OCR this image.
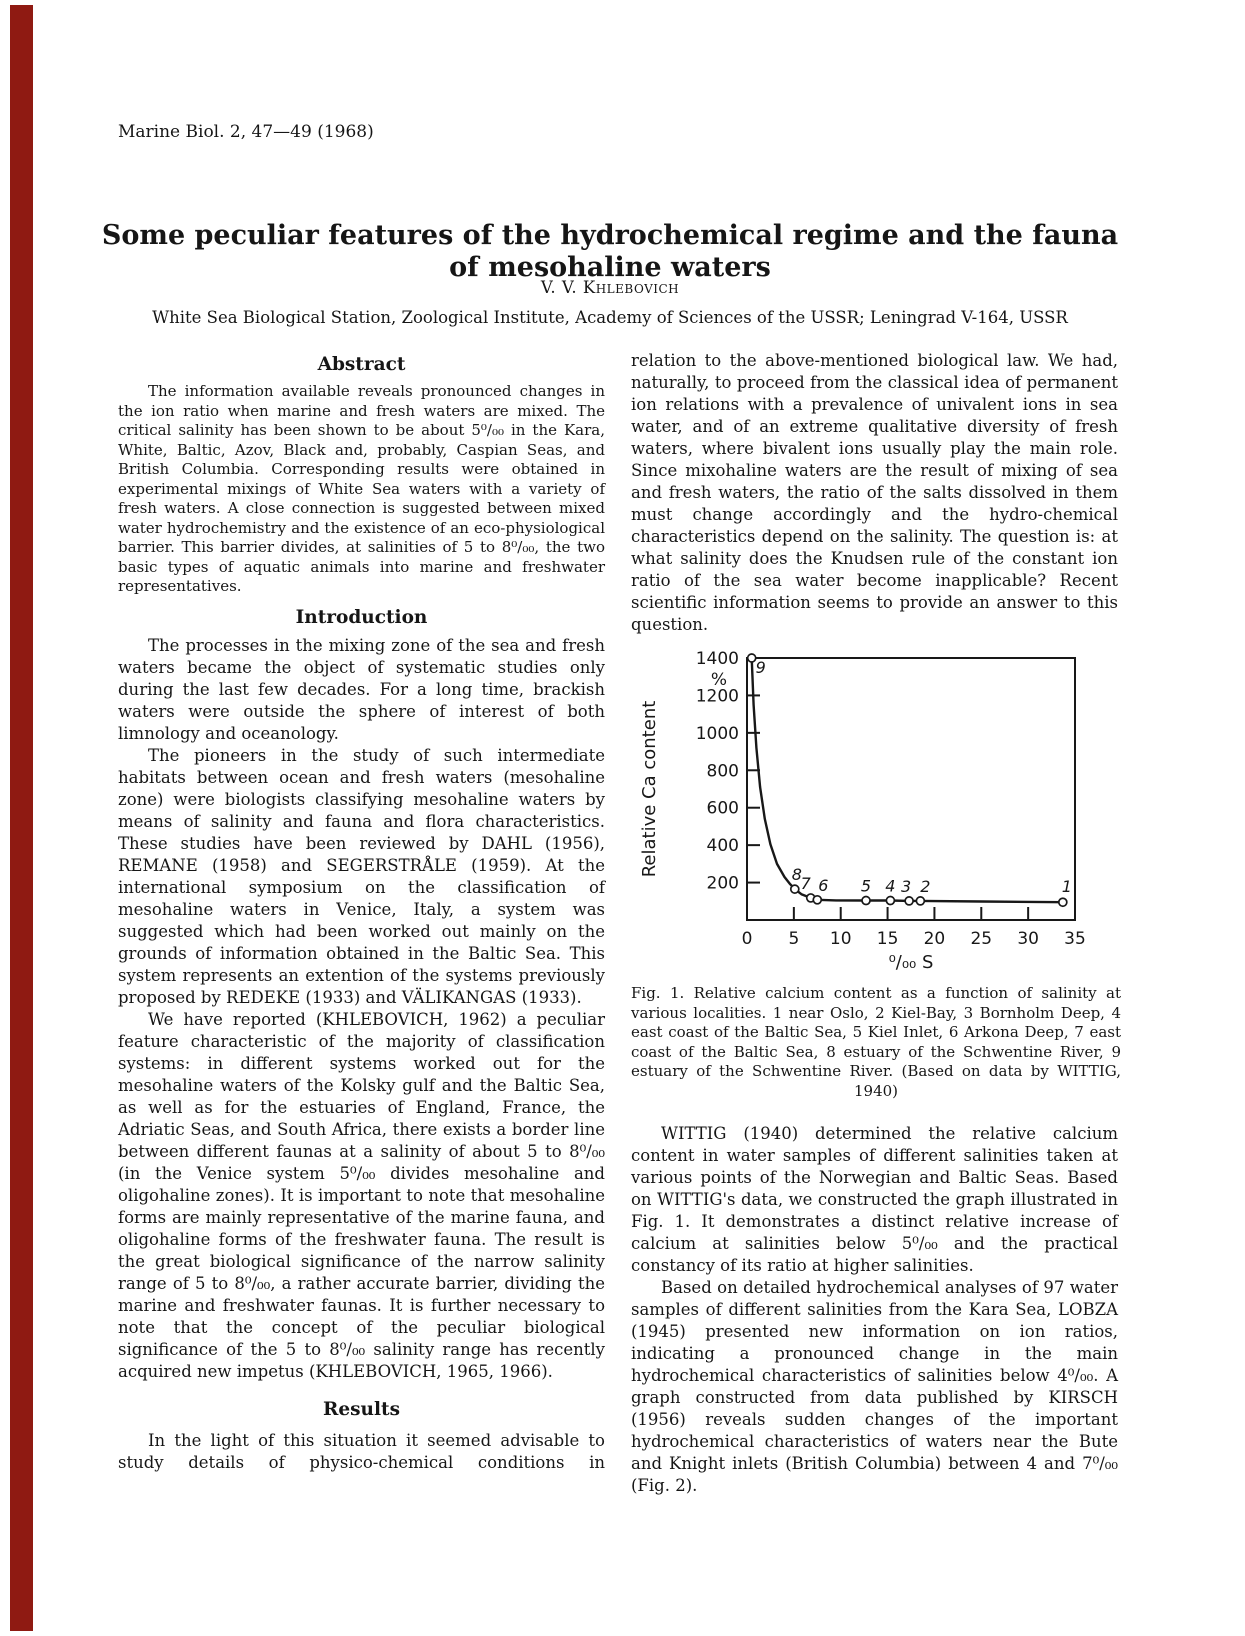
Marine Biol. 2, 47—49 (1968)
Some peculiar features of the hydrochemical regime and the fauna of mesohaline waters
V. V. Khlebovich
White Sea Biological Station, Zoological Institute, Academy of Sciences of the USSR; Leningrad V-164, USSR
Abstract

The information available reveals pronounced changes in the ion ratio when marine and fresh waters are mixed. The critical salinity has been shown to be about 5⁰/₀₀ in the Kara, White, Baltic, Azov, Black and, probably, Caspian Seas, and British Columbia. Corresponding results were obtained in experimental mixings of White Sea waters with a variety of fresh waters. A close connection is suggested between mixed water hydrochemistry and the existence of an eco-physiological barrier. This barrier divides, at salinities of 5 to 8⁰/₀₀, the two basic types of aquatic animals into marine and freshwater representatives.

Introduction

The processes in the mixing zone of the sea and fresh waters became the object of systematic studies only during the last few decades. For a long time, brackish waters were outside the sphere of interest of both limnology and oceanology.

The pioneers in the study of such intermediate habitats between ocean and fresh waters (mesohaline zone) were biologists classifying mesohaline waters by means of salinity and fauna and flora characteristics. These studies have been reviewed by DAHL (1956), REMANE (1958) and SEGERSTRÅLE (1959). At the international symposium on the classification of mesohaline waters in Venice, Italy, a system was suggested which had been worked out mainly on the grounds of information obtained in the Baltic Sea. This system represents an extention of the systems previously proposed by REDEKE (1933) and VÄLIKANGAS (1933).

We have reported (KHLEBOVICH, 1962) a peculiar feature characteristic of the majority of classification systems: in different systems worked out for the mesohaline waters of the Kolsky gulf and the Baltic Sea, as well as for the estuaries of England, France, the Adriatic Seas, and South Africa, there exists a border line between different faunas at a salinity of about 5 to 8⁰/₀₀ (in the Venice system 5⁰/₀₀ divides mesohaline and oligohaline zones). It is important to note that mesohaline forms are mainly representative of the marine fauna, and oligohaline forms of the freshwater fauna. The result is the great biological significance of the narrow salinity range of 5 to 8⁰/₀₀, a rather accurate barrier, dividing the marine and freshwater faunas. It is further necessary to note that the concept of the peculiar biological significance of the 5 to 8⁰/₀₀ salinity range has recently acquired new impetus (KHLEBOVICH, 1965, 1966).

Results

In the light of this situation it seemed advisable to study details of physico-chemical conditions in

relation to the above-mentioned biological law. We had, naturally, to proceed from the classical idea of permanent ion relations with a prevalence of univalent ions in sea water, and of an extreme qualitative diversity of fresh waters, where bivalent ions usually play the main role. Since mixohaline waters are the result of mixing of sea and fresh waters, the ratio of the salts dissolved in them must change accordingly and the hydro-chemical characteristics depend on the salinity. The question is: at what salinity does the Knudsen rule of the constant ion ratio of the sea water become inapplicable? Recent scientific information seems to provide an answer to this question.

0 5 10 15 20 25 30 35
200
400
600
800
1000
1200
1400
%
⁰/₀₀ S
Relative Ca content
9
8
7 6 5 4 3 2	1
Fig. 1. Relative calcium content as a function of salinity at various localities. 1 near Oslo, 2 Kiel-Bay, 3 Bornholm Deep, 4 east coast of the Baltic Sea, 5 Kiel Inlet, 6 Arkona Deep, 7 east coast of the Baltic Sea, 8 estuary of the Schwentine River, 9 estuary of the Schwentine River. (Based on data by WITTIG, 1940)

WITTIG (1940) determined the relative calcium content in water samples of different salinities taken at various points of the Norwegian and Baltic Seas. Based on WITTIG's data, we constructed the graph illustrated in Fig. 1. It demonstrates a distinct relative increase of calcium at salinities below 5⁰/₀₀ and the practical constancy of its ratio at higher salinities.

Based on detailed hydrochemical analyses of 97 water samples of different salinities from the Kara Sea, LOBZA (1945) presented new information on ion ratios, indicating a pronounced change in the main hydrochemical characteristics of salinities below 4⁰/₀₀. A graph constructed from data published by KIRSCH (1956) reveals sudden changes of the important hydrochemical characteristics of waters near the Bute and Knight inlets (British Columbia) between 4 and 7⁰/₀₀ (Fig. 2).
